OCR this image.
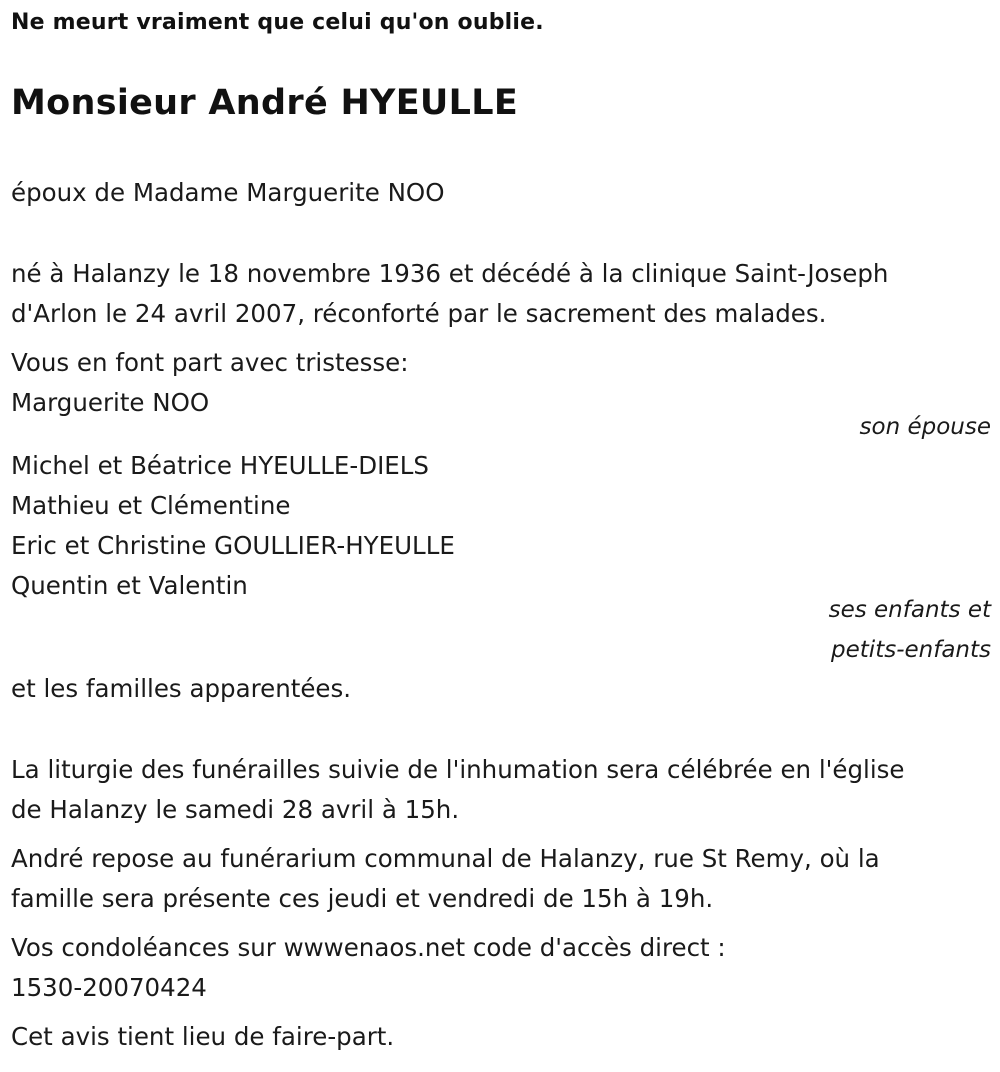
Ne meurt vraiment que celui qu'on oublie.
Monsieur André HYEULLE
époux de Madame Marguerite NOO
né à Halanzy le 18 novembre 1936 et décédé à la clinique Saint-Joseph
d'Arlon le 24 avril 2007, réconforté par le sacrement des malades.
Vous en font part avec tristesse:
Marguerite NOO
son épouse
Michel et Béatrice HYEULLE-DIELS
Mathieu et Clémentine
Eric et Christine GOULLIER-HYEULLE
Quentin et Valentin
ses enfants et
petits-enfants
et les familles apparentées.
La liturgie des funérailles suivie de l'inhumation sera célébrée en l'église
de Halanzy le samedi 28 avril à 15h.
André repose au funérarium communal de Halanzy, rue St Remy, où la
famille sera présente ces jeudi et vendredi de 15h à 19h.
Vos condoléances sur wwwenaos.net code d'accès direct :
1530-20070424
Cet avis tient lieu de faire-part.
